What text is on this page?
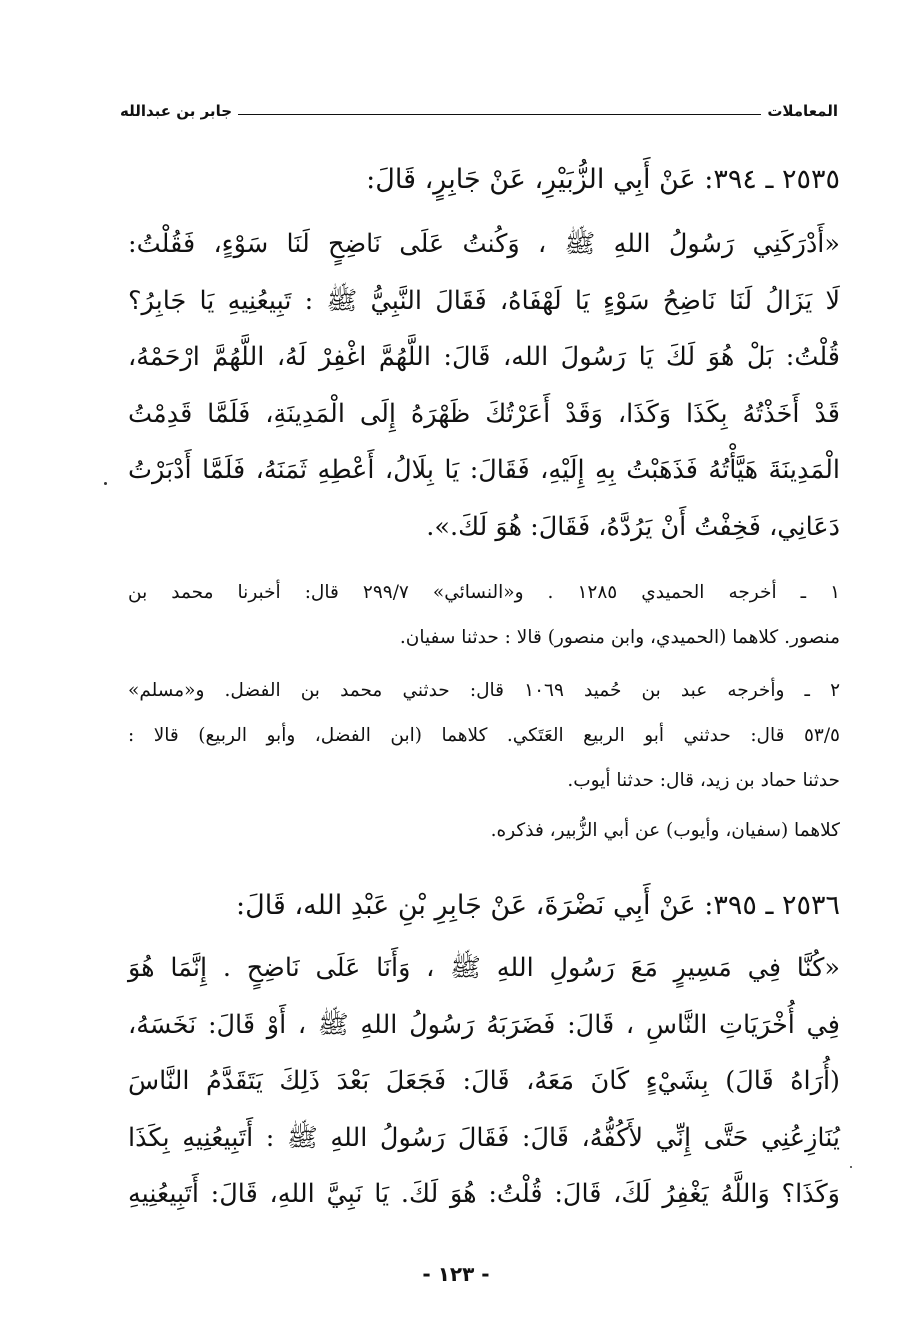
المعاملات
جابر بن عبدالله
٢٥٣٥ ـ ٣٩٤: عَنْ أَبِي الزُّبَيْرِ، عَنْ جَابِرٍ، قَالَ:
«أَدْرَكَنِي رَسُولُ اللهِ ﷺ ، وَكُنتُ عَلَى نَاضِحٍ لَنَا سَوْءٍ، فَقُلْتُ:
لَا يَزَالُ لَنَا نَاضِحُ سَوْءٍ يَا لَهْفَاهُ، فَقَالَ النَّبِيُّ ﷺ : تَبِيعُنِيهِ يَا جَابِرُ؟
قُلْتُ: بَلْ هُوَ لَكَ يَا رَسُولَ الله، قَالَ: اللَّهُمَّ اغْفِرْ لَهُ، اللَّهُمَّ ارْحَمْهُ،
قَدْ أَخَذْتُهُ بِكَذَا وَكَذَا، وَقَدْ أَعَرْتُكَ ظَهْرَهُ إِلَى الْمَدِينَةِ، فَلَمَّا قَدِمْتُ
الْمَدِينَةَ هَيَّأْتُهُ فَذَهَبْتُ بِهِ إِلَيْهِ، فَقَالَ: يَا بِلَالُ، أَعْطِهِ ثَمَنَهُ، فَلَمَّا أَدْبَرْتُ
دَعَانِي، فَخِفْتُ أَنْ يَرُدَّهُ، فَقَالَ: هُوَ لَكَ.».
١ ـ أخرجه الحميدي ١٢٨٥ . و«النسائي» ٢٩٩/٧ قال: أخبرنا محمد بن
منصور. كلاهما (الحميدي، وابن منصور) قالا : حدثنا سفيان.
٢ ـ وأخرجه عبد بن حُميد ١٠٦٩ قال: حدثني محمد بن الفضل. و«مسلم»
٥٣/٥ قال: حدثني أبو الربيع العَتَكي. كلاهما (ابن الفضل، وأبو الربيع) قالا :
حدثنا حماد بن زيد، قال: حدثنا أيوب.
كلاهما (سفيان، وأيوب) عن أبي الزُّبير، فذكره.
٢٥٣٦ ـ ٣٩٥: عَنْ أَبِي نَضْرَةَ، عَنْ جَابِرِ بْنِ عَبْدِ الله، قَالَ:
«كُنَّا فِي مَسِيرٍ مَعَ رَسُولِ اللهِ ﷺ ، وَأَنَا عَلَى نَاضِحٍ . إِنَّمَا هُوَ
فِي أُخْرَيَاتِ النَّاسِ ، قَالَ: فَضَرَبَهُ رَسُولُ اللهِ ﷺ ، أَوْ قَالَ: نَخَسَهُ،
(أُرَاهُ قَالَ) بِشَيْءٍ كَانَ مَعَهُ، قَالَ: فَجَعَلَ بَعْدَ ذَلِكَ يَتَقَدَّمُ النَّاسَ
يُنَازِعُنِي حَتَّى إِنِّي لأَكُفُّهُ، قَالَ: فَقَالَ رَسُولُ اللهِ ﷺ : أَتَبِيعُنِيهِ بِكَذَا
وَكَذَا؟ وَاللَّهُ يَغْفِرُ لَكَ، قَالَ: قُلْتُ: هُوَ لَكَ. يَا نَبِيَّ اللهِ، قَالَ: أَتَبِيعُنِيهِ
- ١٢٣ -
